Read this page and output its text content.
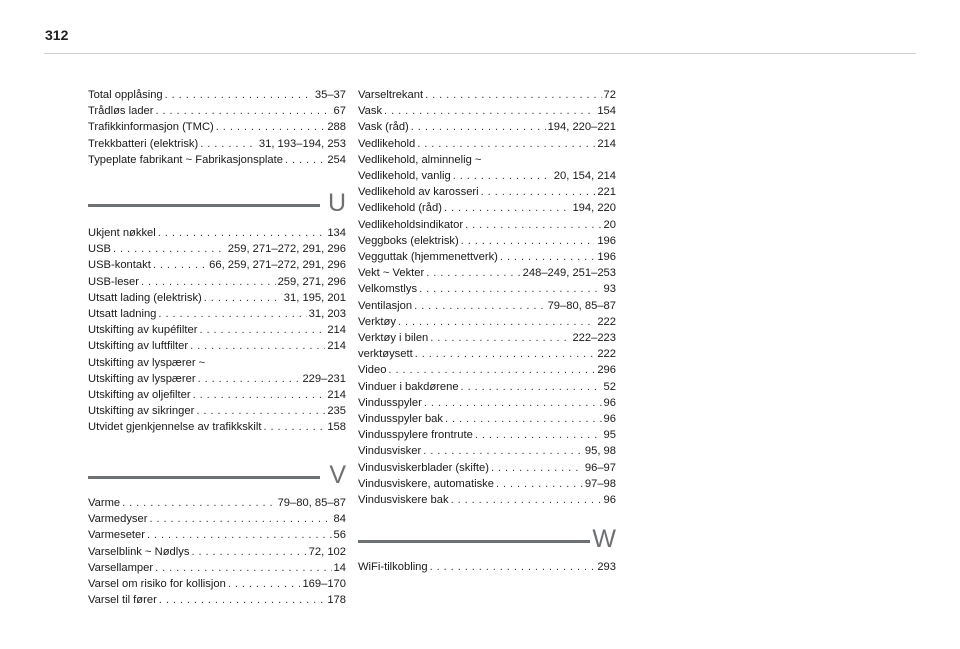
312
Total opplåsing . . .	35–37
Trådløs lader . . .	67
Trafikkinformasjon (TMC) . . .	288
Trekkbatteri (elektrisk) . . .	31, 193–194, 253
Typeplate fabrikant ~ Fabrikasjonsplate . . .	254
U
Ukjent nøkkel . . .	134
USB . . .	259, 271–272, 291, 296
USB-kontakt . . .	66, 259, 271–272, 291, 296
USB-leser . . .	259, 271, 296
Utsatt lading (elektrisk) . . .	31, 195, 201
Utsatt ladning . . .	31, 203
Utskifting av kupéfilter . . .	214
Utskifting av luftfilter . . .	214
Utskifting av lyspærer ~
Utskifting av lyspærer . . .	229–231
Utskifting av oljefilter . . .	214
Utskifting av sikringer . . .	235
Utvidet gjenkjennelse av trafikkskilt . . .	158
V
Varme . . .	79–80, 85–87
Varmedyser . . .	84
Varmeseter . . .	56
Varselblink ~ Nødlys . . .	72, 102
Varsellamper . . .	14
Varsel om risiko for kollisjon . . .	169–170
Varsel til fører . . .	178
Varseltrekant . . .	72
Vask . . .	154
Vask (råd) . . .	194, 220–221
Vedlikehold . . .	214
Vedlikehold, alminnelig ~
Vedlikehold, vanlig . . .	20, 154, 214
Vedlikehold av karosseri . . .	221
Vedlikehold (råd) . . .	194, 220
Vedlikeholdsindikator . . .	20
Veggboks (elektrisk) . . .	196
Vegguttak (hjemmenettverk) . . .	196
Vekt ~ Vekter . . .	248–249, 251–253
Velkomstlys . . .	93
Ventilasjon . . .	79–80, 85–87
Verktøy . . .	222
Verktøy i bilen . . .	222–223
verktøysett . . .	222
Video . . .	296
Vinduer i bakdørene . . .	52
Vindusspyler . . .	96
Vindusspyler bak . . .	96
Vindusspylere frontrute . . .	95
Vindusvisker . . .	95, 98
Vindusviskerblader (skifte) . . .	96–97
Vindusviskere, automatiske . . .	97–98
Vindusviskere bak . . .	96
W
WiFi-tilkobling . . .	293
